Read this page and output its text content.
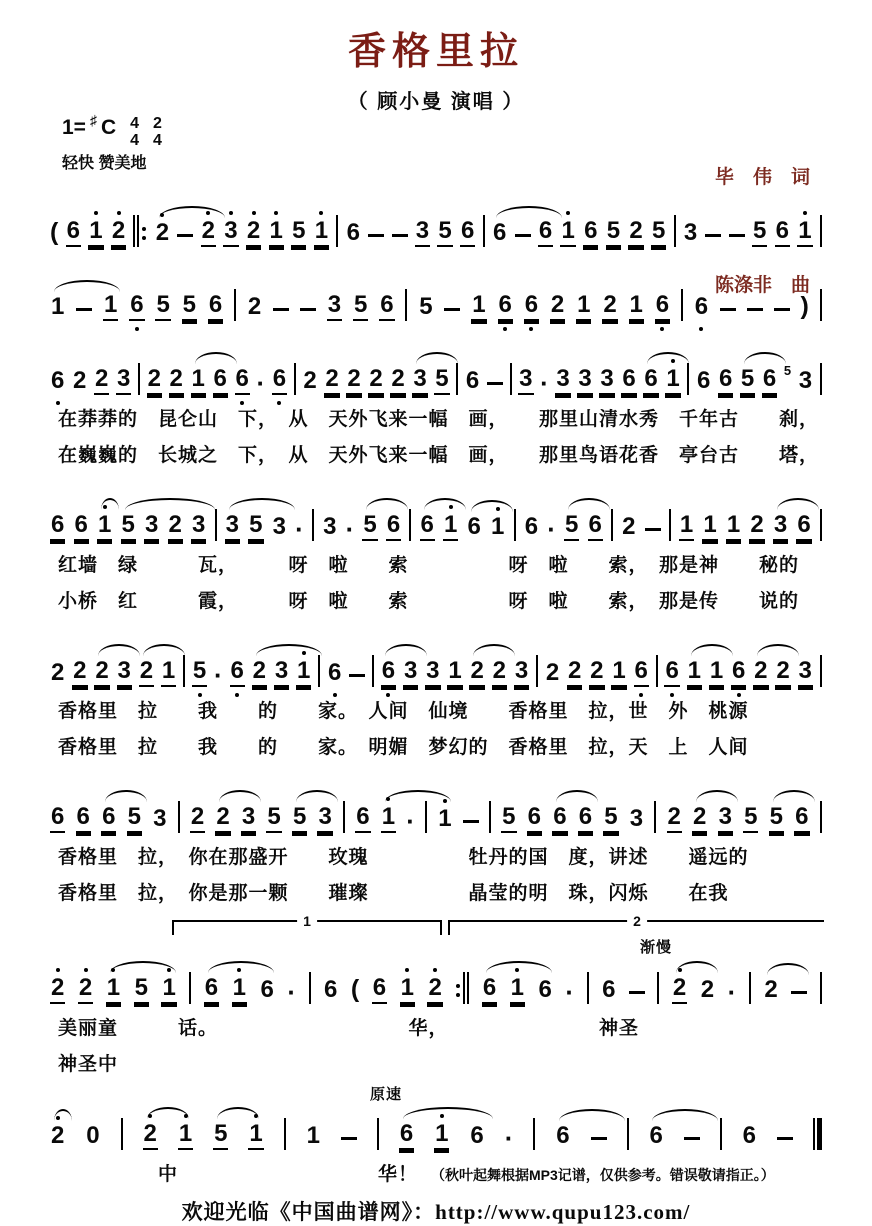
香格里拉
（ 顾小曼 演唱 ）

毕　伟　词

陈涤非　曲

1= ♯ C 4
4
2
4
轻快 赞美地
( 6 1 2 2 2 3 2 1 5 1 6 3 5 6 6 6 1 6 5 2 5 3 5 6 1
1 1 6 5 5 6 2	3 5 6 5 1 6 6 2 1 2 1 6 6	)
6 2 2 3 2 2 1 6 6 · 6 2 2 2 2 2 3 5 6 3 · 3 3 3 6 6 1 6 6 5 6 5 3
在莽莽的　昆仑山　下，　从　天外飞来一幅　画，　　那里山清水秀　千年古　　刹，
在巍巍的　长城之　下，　从　天外飞来一幅　画，　　那里鸟语花香　亭台古　　塔，
6 6 1 5 3 2 3 3 5 3 · 3 · 5 6 6 1 6 1 6 · 5 6 2 1 1 1 2 3 6
红墙　绿　　　瓦，　　　呀　啦　　索　　　　　呀　啦　　索，　那是神　　秘的
小桥　红　　　霞，　　　呀　啦　　索　　　　　呀　啦　　索，　那是传　　说的
2 2 2 3 2 1 5 · 6 2 3 1 6 6 3 3 1 2 2 3 2 2 2 1 6 6 1 1 6 2 2 3
香格里　拉　　我　　的　　家。　人间　仙境　　香格里　拉，世　外　桃源
香格里　拉　　我　　的　　家。　明媚　梦幻的　香格里　拉，天　上　人间
6 6 6 5 3 2 2 3 5 5 3 6 1 · 1 5 6 6 6 5 3 2 2 3 5 5 6
香格里　拉，　你在那盛开　　玫瑰　　　　　牡丹的国　度，讲述　　遥远的
香格里　拉，　你是那一颗　　璀璨　　　　　晶莹的明　珠，闪烁　　在我
1	2
渐慢
2 2 1 5 1 6 1 6 · 6 ( 6 1 2 6 1 6 · 6 2 2 · 2
美丽童　　　话。　　　　　　　　　　华，　　　　　　　　神圣
神圣中
原速
2 0 2 1 5 1 1	6 1 6 · 6	6	6
　　　　　中　　　　　　　　　　华！　（秋叶起舞根据MP3记谱，仅供参考。错误敬请指正。）
欢迎光临《中国曲谱网》：http://www.qupu123.com/
